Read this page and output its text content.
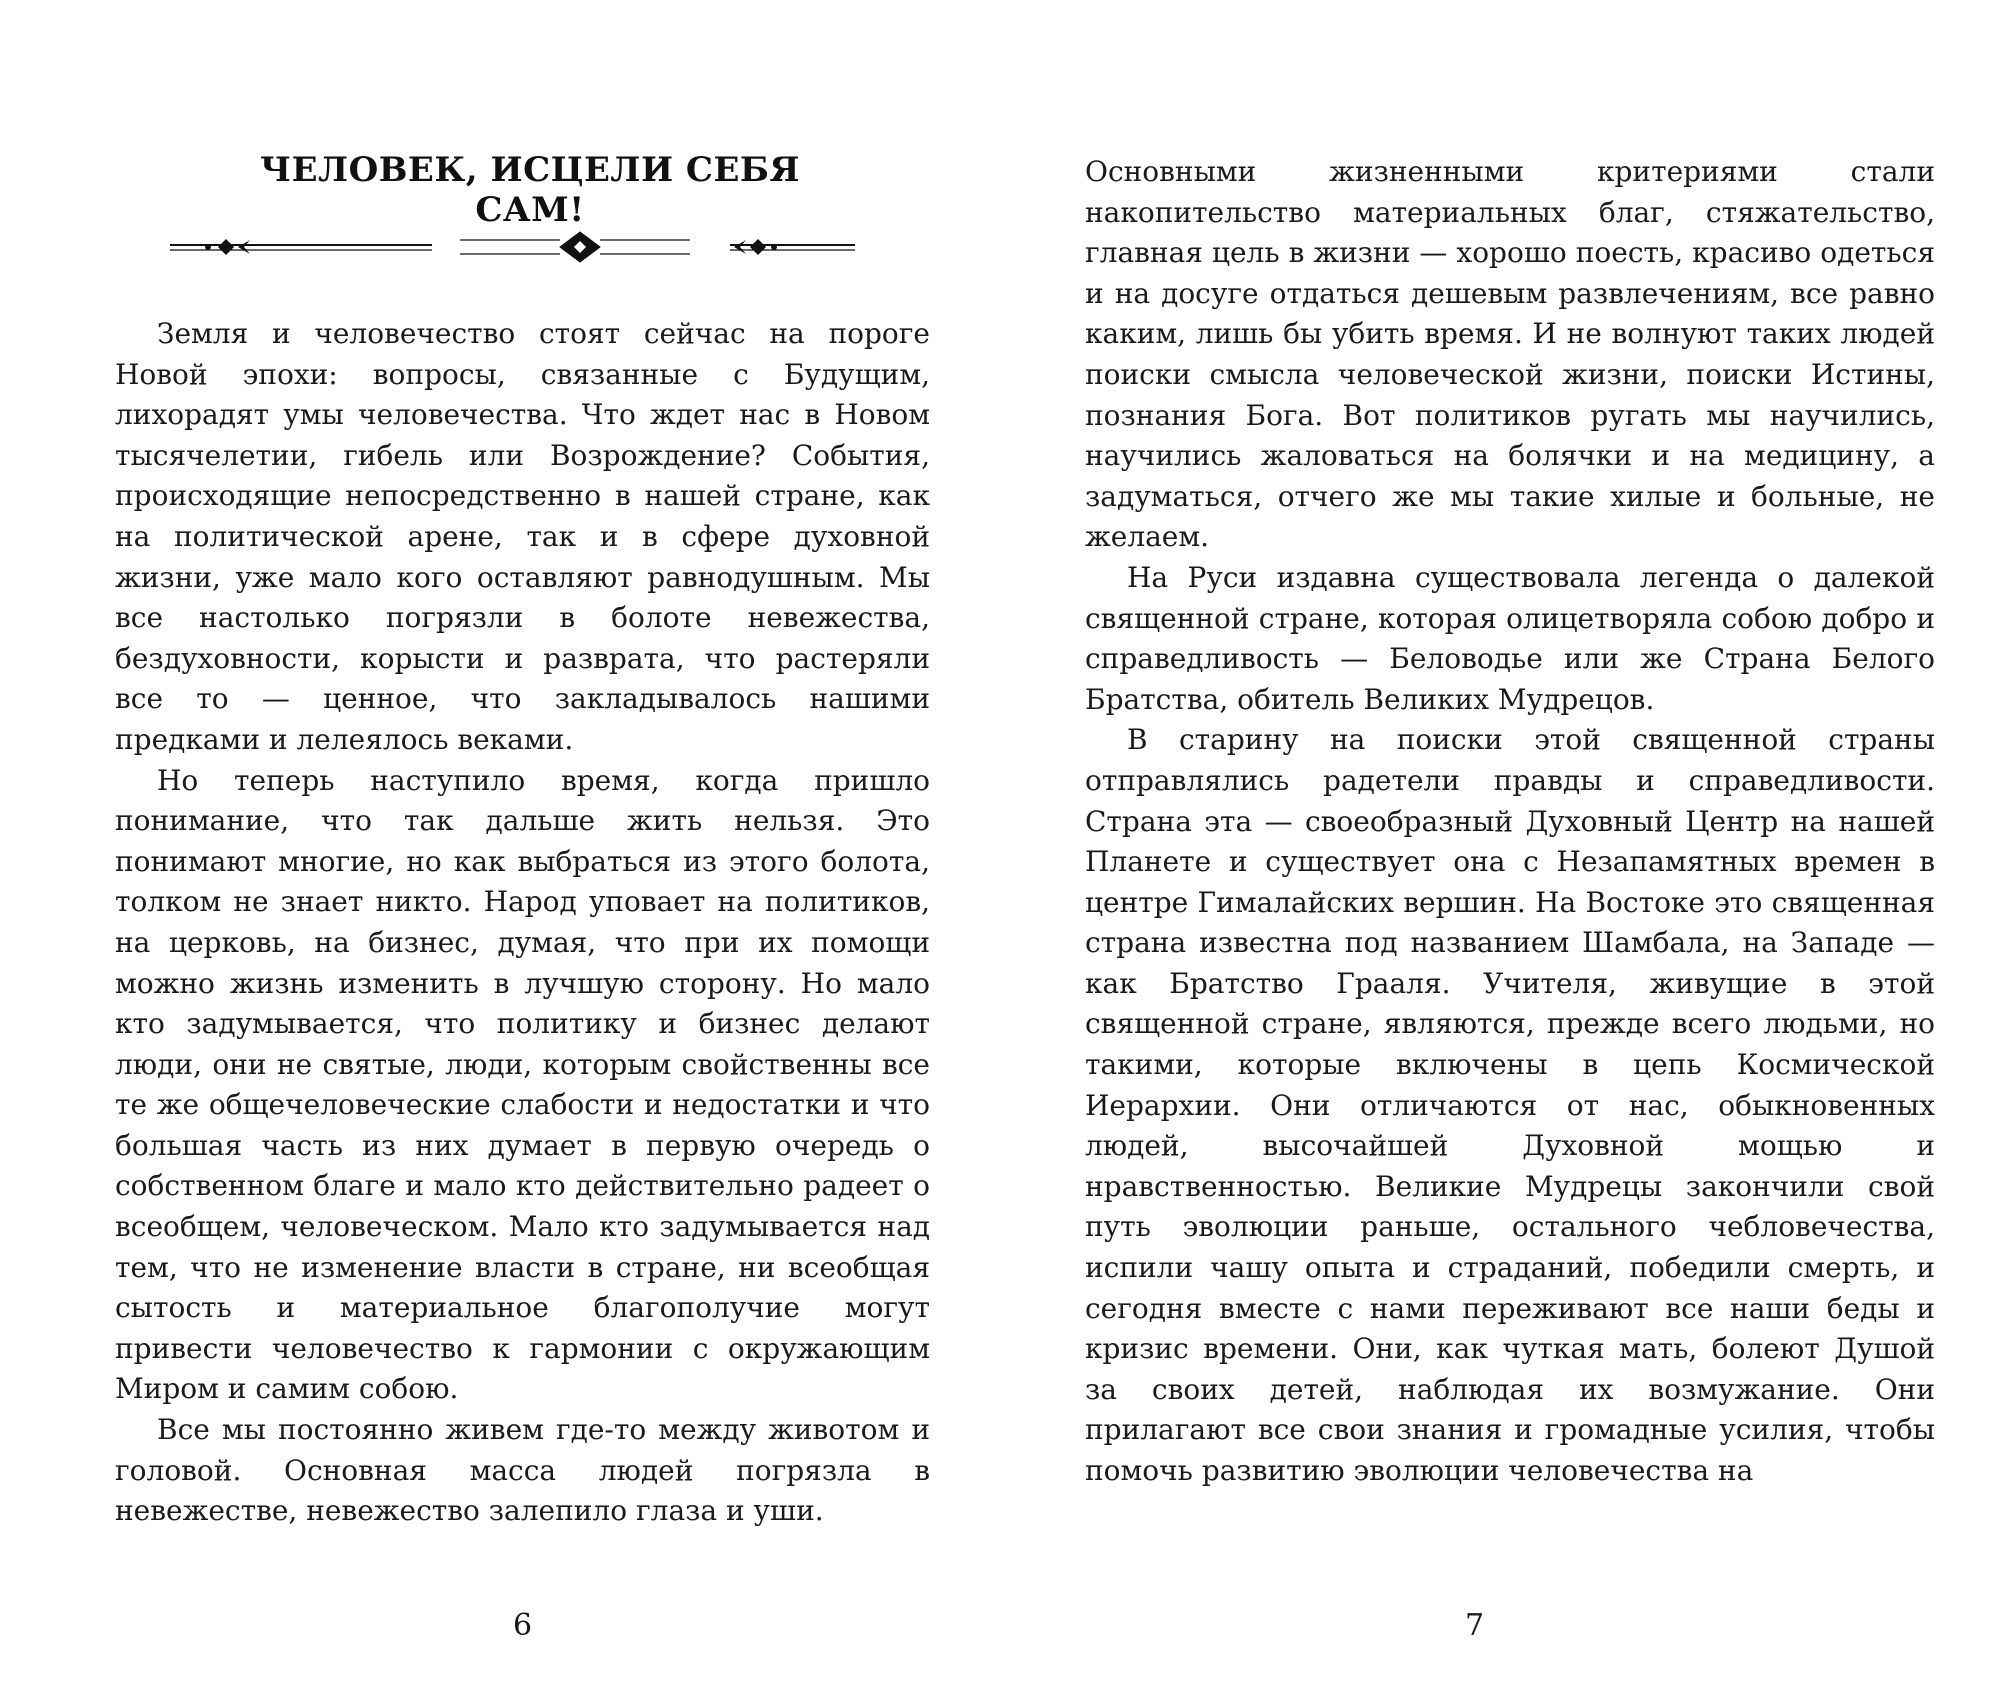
ЧЕЛОВЕК, ИСЦЕЛИ СЕБЯ САМ!

Земля и человечество стоят сейчас на пороге Новой эпохи: вопросы, связанные с Будущим, лихорадят умы человечества. Что ждет нас в Новом тысячелетии, гибель или Возрождение? События, происходящие непосредственно в нашей стране, как на политической арене, так и в сфере духовной жизни, уже мало кого оставляют равнодушным. Мы все настолько погрязли в болоте невежества, бездуховности, корысти и разврата, что растеряли все то — ценное, что закладывалось нашими предками и лелеялось веками.

Но теперь наступило время, когда пришло понимание, что так дальше жить нельзя. Это понимают многие, но как выбраться из этого болота, толком не знает никто. Народ уповает на политиков, на церковь, на бизнес, думая, что при их помощи можно жизнь изменить в лучшую сторону. Но мало кто задумывается, что политику и бизнес делают люди, они не святые, люди, которым свойственны все те же общечеловеческие слабости и недостатки и что большая часть из них думает в первую очередь о собственном благе и мало кто действительно радеет о всеобщем, человеческом. Мало кто задумывается над тем, что не изменение власти в стране, ни всеобщая сытость и материальное благополучие могут привести человечество к гармонии с окружающим Миром и самим собою.

Все мы постоянно живем где-то между животом и головой. Основная масса людей погрязла в невежестве, невежество залепило глаза и уши.

6

Основными жизненными критериями стали накопительство материальных благ, стяжательство, главная цель в жизни — хорошо поесть, красиво одеться и на досуге отдаться дешевым развлечениям, все равно каким, лишь бы убить время. И не волнуют таких людей поиски смысла человеческой жизни, поиски Истины, познания Бога. Вот политиков ругать мы научились, научились жаловаться на болячки и на медицину, а задуматься, отчего же мы такие хилые и больные, не желаем.

На Руси издавна существовала легенда о далекой священной стране, которая олицетворяла собою добро и справедливость — Беловодье или же Страна Белого Братства, обитель Великих Мудрецов.

В старину на поиски этой священной страны отправлялись радетели правды и справедливости. Страна эта — своеобразный Духовный Центр на нашей Планете и существует она с Незапамятных времен в центре Гималайских вершин. На Востоке это священная страна известна под названием Шамбала, на Западе — как Братство Грааля. Учителя, живущие в этой священной стране, являются, прежде всего людьми, но такими, которые включены в цепь Космической Иерархии. Они отличаются от нас, обыкновенных людей, высочайшей Духовной мощью и нравственностью. Великие Мудрецы закончили свой путь эволюции раньше, остального чебловечества, испили чашу опыта и страданий, победили смерть, и сегодня вместе с нами переживают все наши беды и кризис времени. Они, как чуткая мать, болеют Душой за своих детей, наблюдая их возмужание. Они прилагают все свои знания и громадные усилия, чтобы помочь развитию эволюции человечества на

7
